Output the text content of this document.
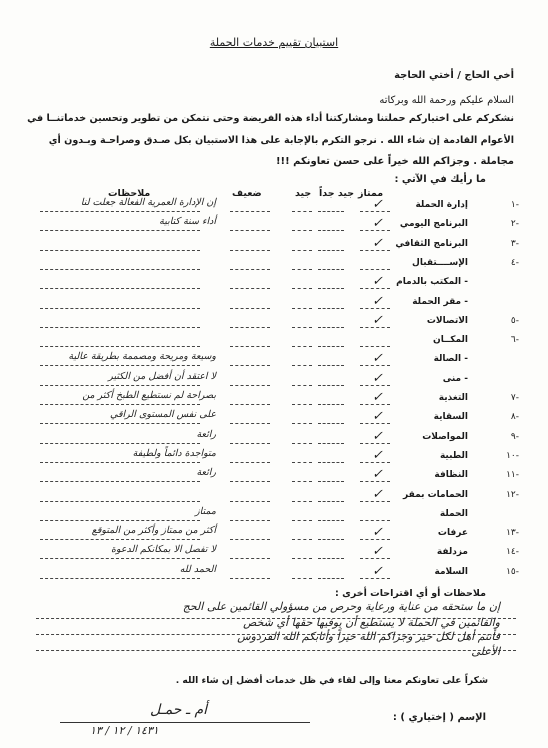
استبيان تقييم خدمات الحملة
أخي الحاج / أختي الحاجة
السلام عليكم ورحمة الله وبركاته
نشكركم على اختياركم حملتنا ومشاركتنا أداء هذه الفريضة وحتى نتمكن من تطوير وتحسين خدماتنــا في
الأعوام القادمة إن شاء الله . نرجو التكرم بالإجابة على هذا الاستبيان بكل صـدق وصراحـة وبـدون أي
مجاملة . وجزاكم الله خيراً على حسن تعاونكم !!!
ما رأيك في الآتي :
ممتاز
جيد جداً
جيد
ضعيف
ملاحظات
-١
إدارة الحملة
✓
إن الإدارة العمرية الفعالة جعلت لنا
-٢
البرنامج اليومي
✓
أداء سنة كتابية
-٣
البرنامج الثقافي
✓
-٤
الإســــتقبال
- المكتب بالدمام
✓
- مقر الحملة
✓
-٥
الاتصالات
✓
-٦
المكــان
- الصالة
✓
وسيعة ومريحة ومصممة بطريقة عالية
- منى
✓
لا اعتقد أن أفضل من الكثير
-٧
التغذية
✓
بصراحة لم نستطيع الطبخ أكثر من
-٨
السقاية
✓
على نفس المستوى الراقي
-٩
المواصلات
✓
رائعة
-١٠
الطبية
✓
متواجدة دائماً ولطيفة
-١١
النظافة
✓
رائعة
-١٢
الحمامات بمقر
✓
الحملة
ممتاز
-١٣
عرفات
✓
أكثر من ممتاز وأكثر من المتوقع
-١٤
مزدلفة
✓
لا تفصل الا بمكانكم الدعوة
-١٥
السلامة
✓
الحمد لله
ملاحظات أو أي اقتراحات أخرى :
إن ما ستحقه من عناية ورعاية وحرص من مسؤولي القائمين على الحج
والقائمين في الحملة لا يستطيع أن يوفيها حقها أي شخص
فأنتم أهل لكل خير وجزاكم الله خيراً وأثابكم الله الفردوس
الأعلى
شكراً على تعاونكم معنا وإلى لقاء في ظل خدمات أفضل إن شاء الله .
الإسم ( إختياري ) :
أم ـ حمـل
١٤٣١ / ١٢ / ١٣
